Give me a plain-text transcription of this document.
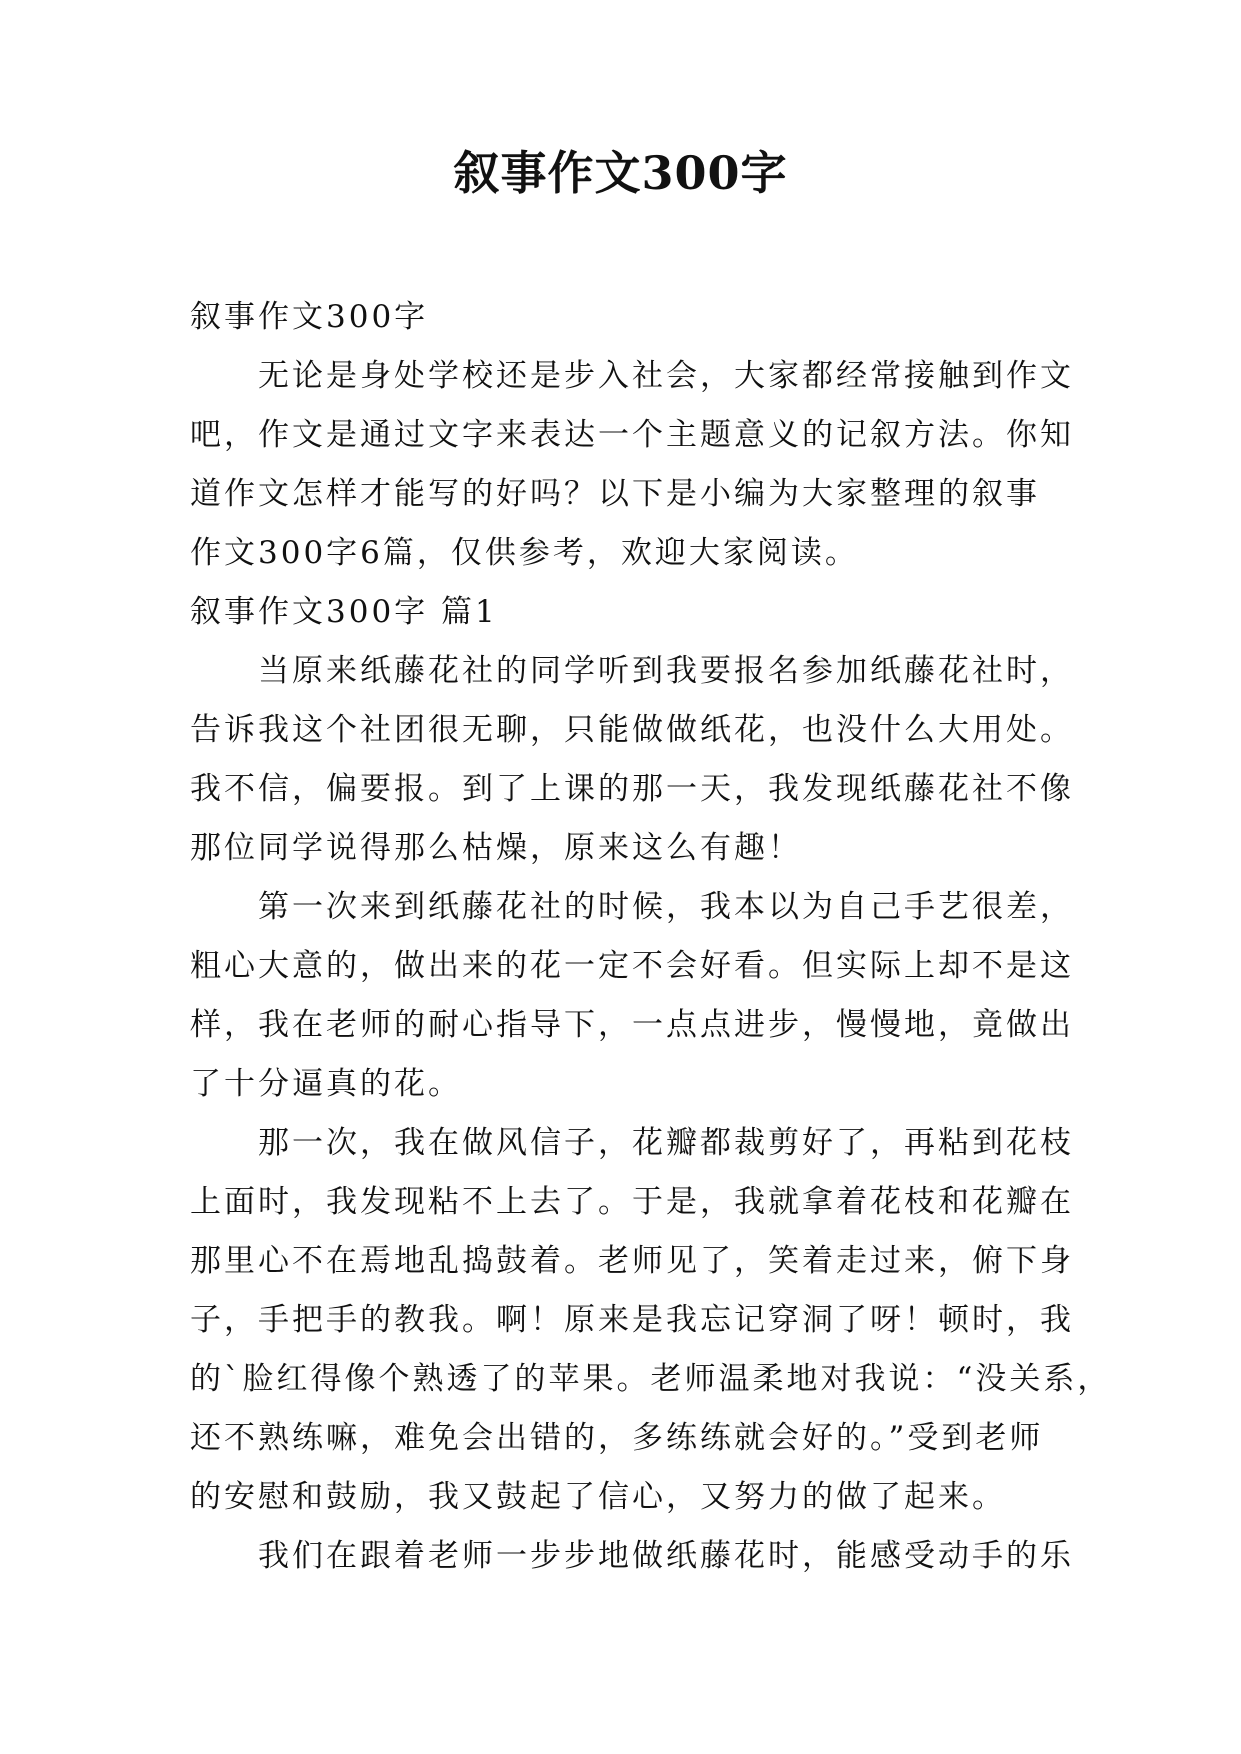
叙事作文300字
叙事作文300字
　　无论是身处学校还是步入社会，大家都经常接触到作文
吧，作文是通过文字来表达一个主题意义的记叙方法。你知
道作文怎样才能写的好吗？以下是小编为大家整理的叙事
作文300字6篇，仅供参考，欢迎大家阅读。
叙事作文300字 篇1
　　当原来纸藤花社的同学听到我要报名参加纸藤花社时，
告诉我这个社团很无聊，只能做做纸花，也没什么大用处。
我不信，偏要报。到了上课的那一天，我发现纸藤花社不像
那位同学说得那么枯燥，原来这么有趣！
　　第一次来到纸藤花社的时候，我本以为自己手艺很差，
粗心大意的，做出来的花一定不会好看。但实际上却不是这
样，我在老师的耐心指导下，一点点进步，慢慢地，竟做出
了十分逼真的花。
　　那一次，我在做风信子，花瓣都裁剪好了，再粘到花枝
上面时，我发现粘不上去了。于是，我就拿着花枝和花瓣在
那里心不在焉地乱捣鼓着。老师见了，笑着走过来，俯下身
子，手把手的教我。啊！原来是我忘记穿洞了呀！顿时，我
的`脸红得像个熟透了的苹果。老师温柔地对我说：“没关系，
还不熟练嘛，难免会出错的，多练练就会好的。”受到老师
的安慰和鼓励，我又鼓起了信心，又努力的做了起来。
　　我们在跟着老师一步步地做纸藤花时，能感受动手的乐
